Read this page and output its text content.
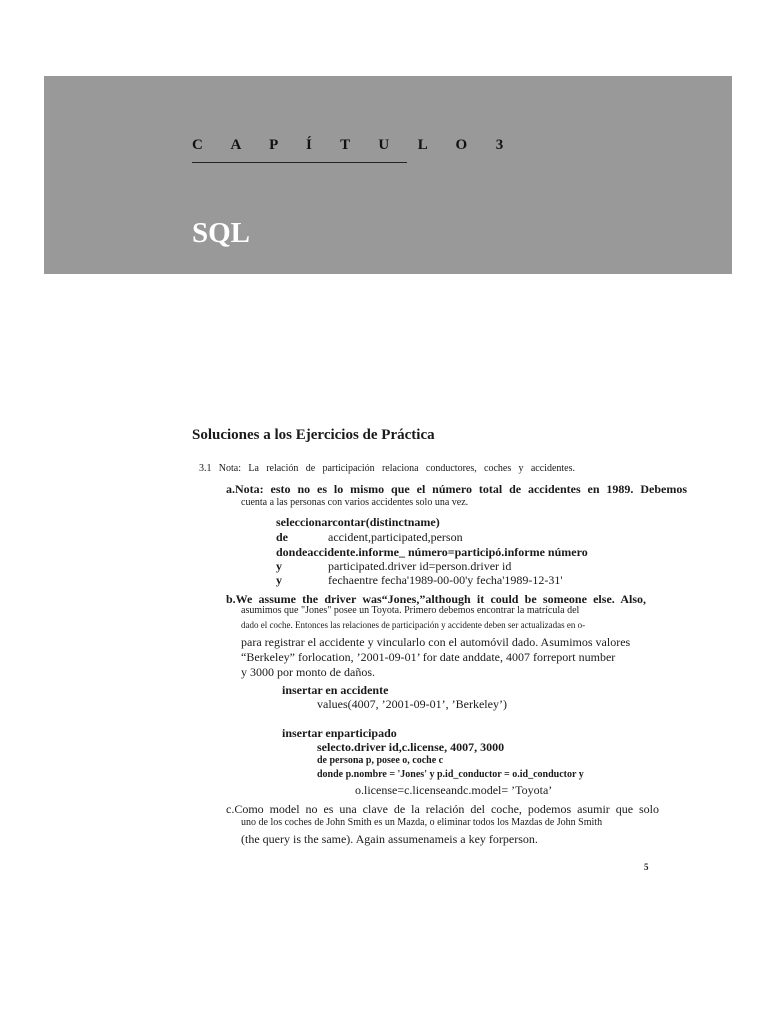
C A P Í T U L O 3
SQL
Soluciones a los Ejercicios de Práctica
3.1 Nota: La relación de participación relaciona conductores, coches y accidentes.
a.Nota: esto no es lo mismo que el número total de accidentes en 1989. Debemos
cuenta a las personas con varios accidentes solo una vez.
seleccionarcontar(distinctname)
de	accident,participated,person
dondeaccidente.informe_ número=participó.informe número
y	participated.driver id=person.driver id
y	fechaentre fecha'1989-00-00'y fecha'1989-12-31'
b.We assume the driver was“Jones,”although it could be someone else. Also,
asumimos que "Jones" posee un Toyota. Primero debemos encontrar la matrícula del
dado el coche. Entonces las relaciones de participación y accidente deben ser actualizadas en o-
para registrar el accidente y vincularlo con el automóvil dado. Asumimos valores
“Berkeley” forlocation, ’2001-09-01’ for date anddate, 4007 forreport number
y 3000 por monto de daños.
insertar en accidente
values(4007, ’2001-09-01’, ’Berkeley’)
insertar enparticipado
selecto.driver id,c.license, 4007, 3000
de persona p, posee o, coche c
donde p.nombre = 'Jones' y p.id_conductor = o.id_conductor y
o.license=c.licenseandc.model= ’Toyota’
c.Como model no es una clave de la relación del coche, podemos asumir que solo
uno de los coches de John Smith es un Mazda, o eliminar todos los Mazdas de John Smith
(the query is the same). Again assumenameis a key forperson.
5
